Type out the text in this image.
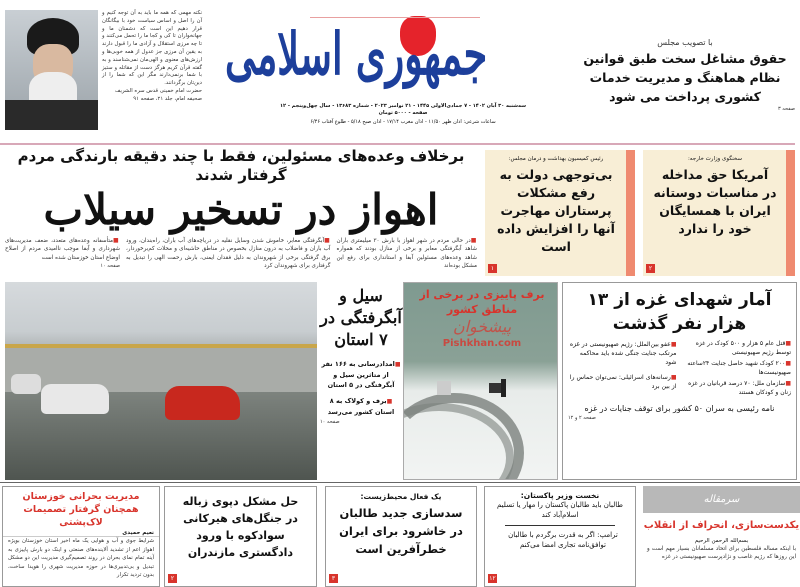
نکته مهمی که همه ما باید به آن توجه کنیم و آن را اصل و اساس سیاست خود با بیگانگان قرار دهیم این است که دشمنان ما و جهانخواران تا کی و کجا ما را تحمل می‌کنند و تا چه مرزی استقلال و آزادی ما را قبول دارند به یقین آن مرزی جز عدول از همه خوبی‌ها و ارزش‌های معنوی و الهی‌مان نمی‌شناسند و به گفته قرآن کریم هرگز دست از مقاتله و ستیز با شما برنمی‌دارند مگر این که شما را از دین‌تان برگردانند.
حضرت امام خمینی قدس سره الشریف
صحیفه امام، جلد ۲۱، صفحه ۹۱
جمهوری اسلامی
سه‌شنبه ۳۰ آبان ۱۴۰۲ - ۷ جمادی‌الاولی ۱۴۴۵ - ۲۱ نوامبر ۲۰۲۳ - شماره ۱۳۶۸۳ - سال چهل‌وپنجم - ۱۲ صفحه - ۵۰۰۰ تومان
ساعات شرعی: اذان ظهر ۱۱/۵۰ - اذان مغرب ۱۷/۱۴ - اذان صبح ۵/۱۸ - طلوع آفتاب ۶/۴۶
با تصویب مجلس
حقوق مشاغل سخت طبق قوانین نظام هماهنگ و مدیریت خدمات کشوری پرداخت می شود
صفحه ۳
برخلاف وعده‌های مسئولین، فقط با چند دقیقه بارندگی مردم گرفتار شدند
اهواز در تسخیر سیلاب
■در حالی مردم در شهر اهواز با بارش ۳۰ میلیمتری باران شاهد آبگرفتگی معابر و برخی از منازل بودند که همواره شاهد وعده‌های مسئولین آبفا و استانداری برای رفع این مشکل بوده‌اند
■آبگرفتگی معابر، خاموش شدن وسایل نقلیه در دریاچه‌های آب باران، راه‌بندان، ورود آب باران و فاضلاب به درون منازل بخصوص در مناطق حاشیه‌ای و محلات کم‌برخوردار، برق گرفتگی برخی از شهروندان به دلیل فقدان ایمنی، بارش رحمت الهی را تبدیل به گرفتاری برای شهروندان کرد
■متأسفانه وعده‌های متعدد، ضعف مدیریت‌های شهرداری و آبفا موجب ناامیدی مردم از اصلاح اوضاع استان خوزستان شده است
صفحه ۱۰
رئیس کمیسیون بهداشت و درمان مجلس:
بی‌توجهی دولت به رفع مشکلات پرستاران مهاجرت آنها را افزایش داده است
۱
سخنگوی وزارت خارجه:
آمریکا حق مداخله در مناسبات دوستانه ایران با همسایگان خود را ندارد
۲
سیل و آبگرفتگی در ۷ استان
■امدادرسانی به ۱۶۶ نفر از متاثرین سیل و آبگرفتگی در ۵ استان
■برف و کولاک به ۸ استان کشور می‌رسد
صفحه ۱۰
برف پاییزی در برخی از مناطق کشور
پیشخوان
Pishkhan.com
آمار شهدای غزه از ۱۳ هزار نفر گذشت
■قتل عام ۵ هزار و ۵۰۰ کودک در غزه توسط رژیم صهیونیستی
■۲۰۰ کودک شهید حاصل جنایت ۲۴ساعته صهیونیست‌ها
■سازمان ملل: ۷۰ درصد قربانیان در غزه زنان و کودکان هستند
■عفو بین‌الملل: رژیم صهیونیستی در غزه مرتکب جنایت جنگی شده باید محاکمه شود
■رسانه‌های اسرائیلی: نمی‌توان حماس را از بین برد
نامه رئیسی به سران ۵۰ کشور برای توقف جنایات در غزه
صفحه ۲ و ۱۲
مدیریت بحرانی خوزستان همچنان گرفتار تصمیمات لاک‌پشتی
نعیم حمیدی
شرایط جوی و آب و هوایی یک ماه اخیر استان خوزستان بویژه اهواز اعم از تشدید آلاینده‌های صنعتی و اینک دو بارش پاییزی به آینه تمام نمای بحران در روند تصمیم‌گیری مدیریت این دو مشکل تبدیل و بی‌تدبیری‌ها در حوزه مدیریت شهری را هویدا ساخت، بدون تردید تکرار
حل مشکل دپوی زباله در جنگل‌های هیرکانی سوادکوه با ورود دادگستری مازندران
۲
یک فعال محیط‌زیست:
سدسازی جدید طالبان در خاشرود برای ایران خطرآفرین است
۳
نخست وزیر پاکستان:
طالبان باید طالبان پاکستان را مهار یا تسلیم اسلام‌آباد کند
ترامپ: اگر به قدرت برگردم با طالبان توافق‌نامه تجاری امضا می‌کنم
۱۲
سرمقاله
یکدست‌سازی، انحراف از انقلاب
بسم‌الله الرحمن الرحیم
با اینکه مساله فلسطین برای اتحاد مسلمانان بسیار مهم است و این روزها که رژیم غاصب و نژادپرست صهیونیستی در غزه
